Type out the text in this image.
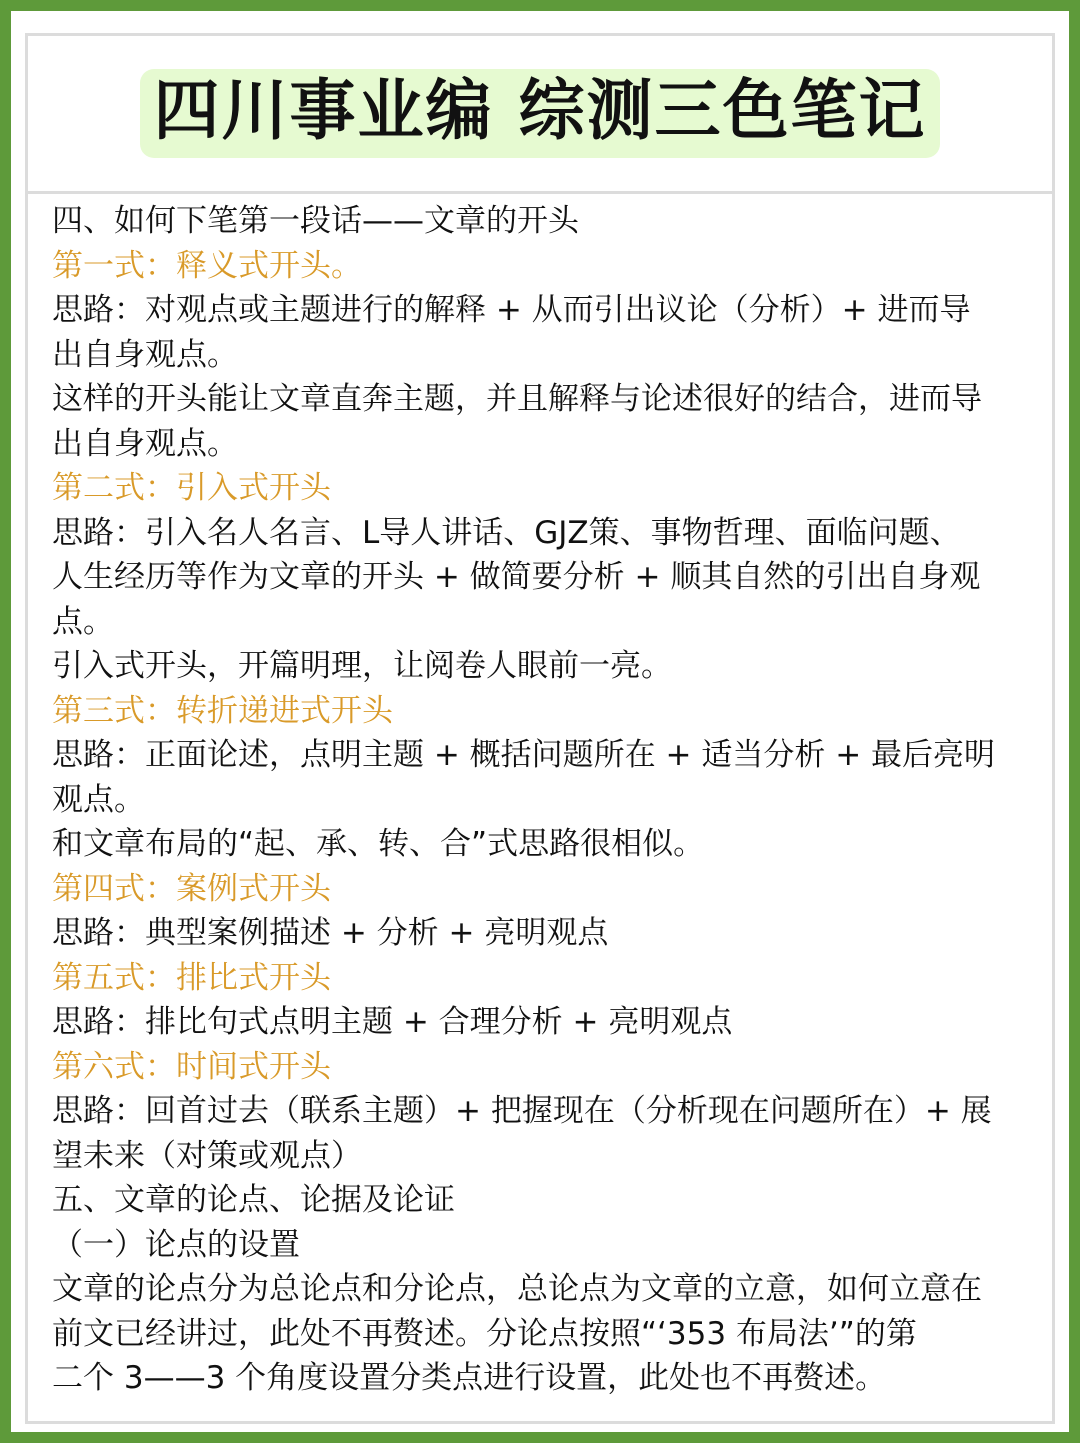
四川事业编 综测三色笔记
四、如何下笔第一段话——文章的开头
第一式：释义式开头。
思路：对观点或主题进行的解释 + 从而引出议论（分析）+ 进而导
出自身观点。
这样的开头能让文章直奔主题，并且解释与论述很好的结合，进而导
出自身观点。
第二式：引入式开头
思路：引入名人名言、L导人讲话、GJZ策、事物哲理、面临问题、
人生经历等作为文章的开头 + 做简要分析 + 顺其自然的引出自身观
点。
引入式开头，开篇明理，让阅卷人眼前一亮。
第三式：转折递进式开头
思路：正面论述，点明主题 + 概括问题所在 + 适当分析 + 最后亮明
观点。
和文章布局的“起、承、转、合”式思路很相似。
第四式：案例式开头
思路：典型案例描述 + 分析 + 亮明观点
第五式：排比式开头
思路：排比句式点明主题 + 合理分析 + 亮明观点
第六式：时间式开头
思路：回首过去（联系主题）+ 把握现在（分析现在问题所在）+ 展
望未来（对策或观点）
五、文章的论点、论据及论证
（一）论点的设置
文章的论点分为总论点和分论点，总论点为文章的立意，如何立意在
前文已经讲过，此处不再赘述。分论点按照“‘353 布局法’”的第
二个 3——3 个角度设置分类点进行设置，此处也不再赘述。
